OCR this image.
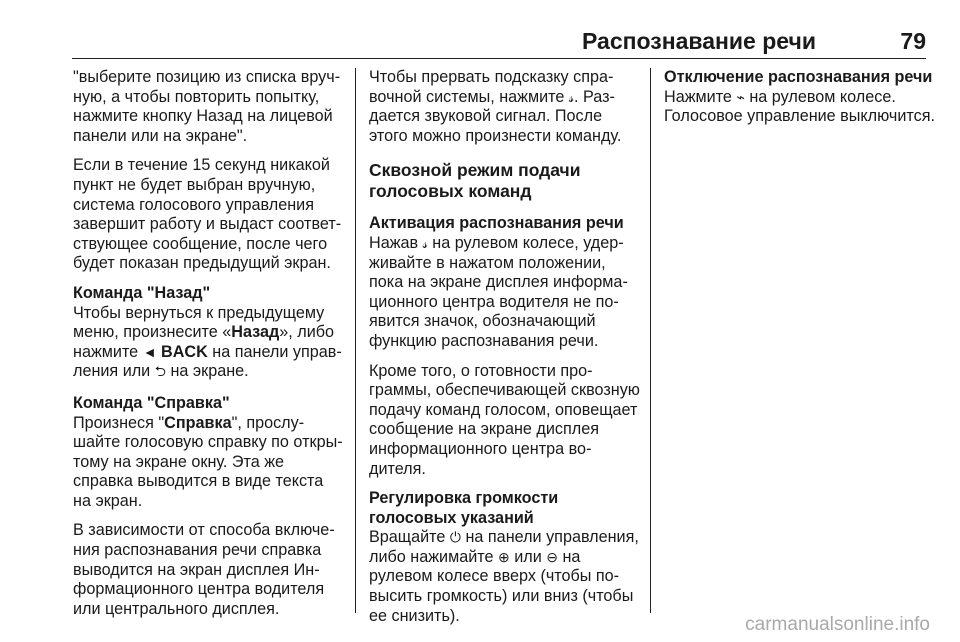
Распознавание речи	79

"выберите позицию из списка вручную, а чтобы повторить попытку, нажмите кнопку Назад на лицевой панели или на экране".

Если в течение 15 секунд никакой пункт не будет выбран вручную, система голосового управления завершит работу и выдаст соответствующее сообщение, после чего будет показан предыдущий экран.

Команда "Назад"

Чтобы вернуться к предыдущему меню, произнесите «Назад», либо нажмите ◄ BACK на панели управления или ⮌ на экране.

Команда "Справка"

Произнеся "Справка", прослушайте голосовую справку по открытому на экране окну. Эта же справка выводится в виде текста на экран.

В зависимости от способа включения распознавания речи справка выводится на экран дисплея Информационного центра водителя или центрального дисплея.

Чтобы прервать подсказку справочной системы, нажмите 𝓈. Раздается звуковой сигнал. После этого можно произнести команду.

Сквозной режим подачи голосовых команд
Активация распознавания речи

Нажав 𝓈 на рулевом колесе, удерживайте в нажатом положении, пока на экране дисплея информационного центра водителя не появится значок, обозначающий функцию распознавания речи.

Кроме того, о готовности программы, обеспечивающей сквозную подачу команд голосом, оповещает сообщение на экране дисплея информационного центра водителя.

Регулировка громкости голосовых указаний

Вращайте ⏻ на панели управления, либо нажимайте ⊕ или ⊖ на рулевом колесе вверх (чтобы повысить громкость) или вниз (чтобы ее снизить).

Отключение распознавания речи

Нажмите ⌁ на рулевом колесе. Голосовое управление выключится.

carmanualsonline.info
